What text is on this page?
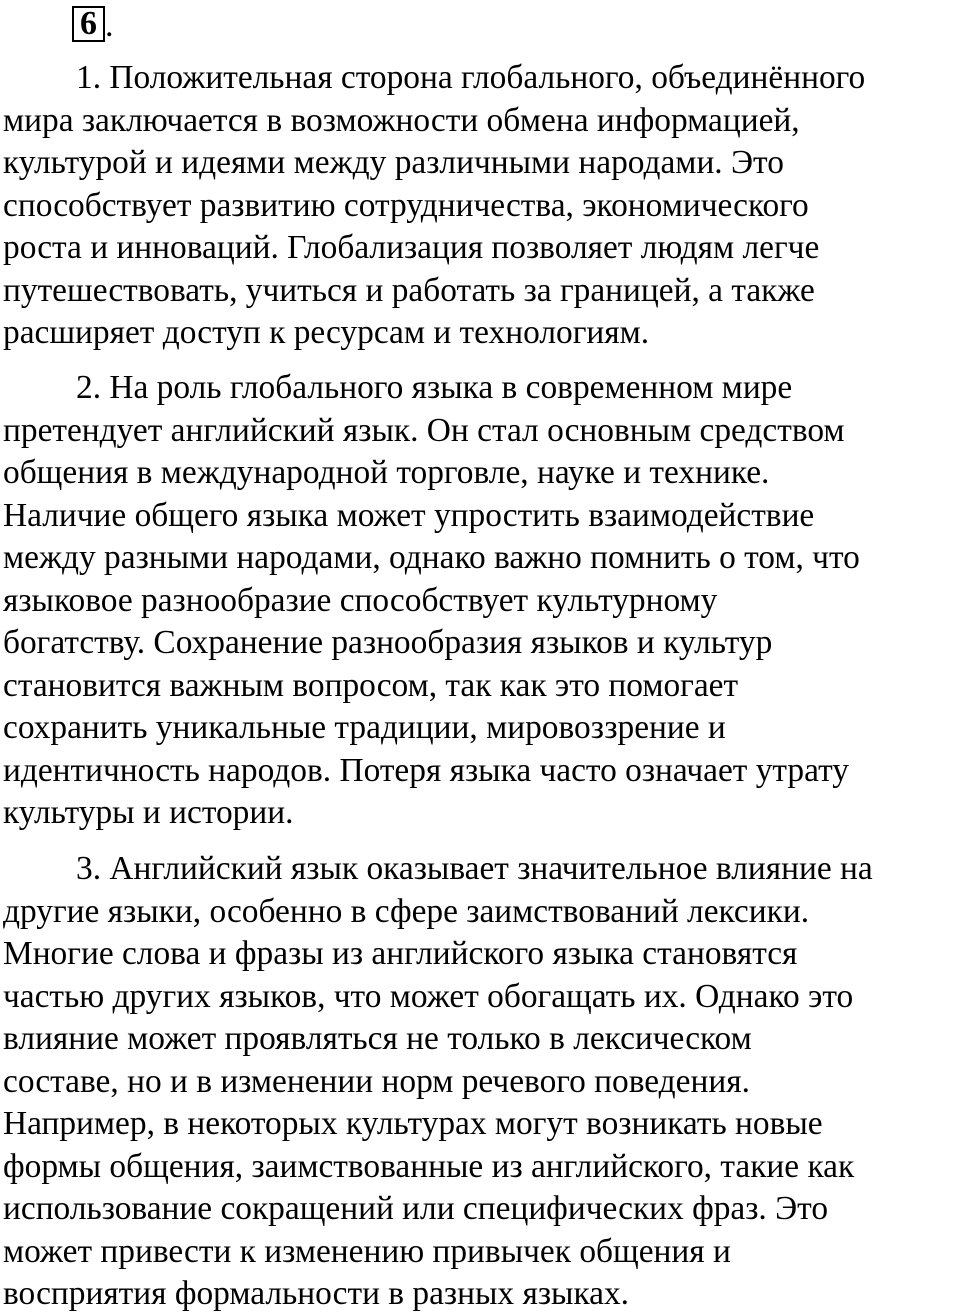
6 .
1. Положительная сторона глобального, объединённого
мира заключается в возможности обмена информацией,
культурой и идеями между различными народами. Это
способствует развитию сотрудничества, экономического
роста и инноваций. Глобализация позволяет людям легче
путешествовать, учиться и работать за границей, а также
расширяет доступ к ресурсам и технологиям.
2. На роль глобального языка в современном мире
претендует английский язык. Он стал основным средством
общения в международной торговле, науке и технике.
Наличие общего языка может упростить взаимодействие
между разными народами, однако важно помнить о том, что
языковое разнообразие способствует культурному
богатству. Сохранение разнообразия языков и культур
становится важным вопросом, так как это помогает
сохранить уникальные традиции, мировоззрение и
идентичность народов. Потеря языка часто означает утрату
культуры и истории.
3. Английский язык оказывает значительное влияние на
другие языки, особенно в сфере заимствований лексики.
Многие слова и фразы из английского языка становятся
частью других языков, что может обогащать их. Однако это
влияние может проявляться не только в лексическом
составе, но и в изменении норм речевого поведения.
Например, в некоторых культурах могут возникать новые
формы общения, заимствованные из английского, такие как
использование сокращений или специфических фраз. Это
может привести к изменению привычек общения и
восприятия формальности в разных языках.
